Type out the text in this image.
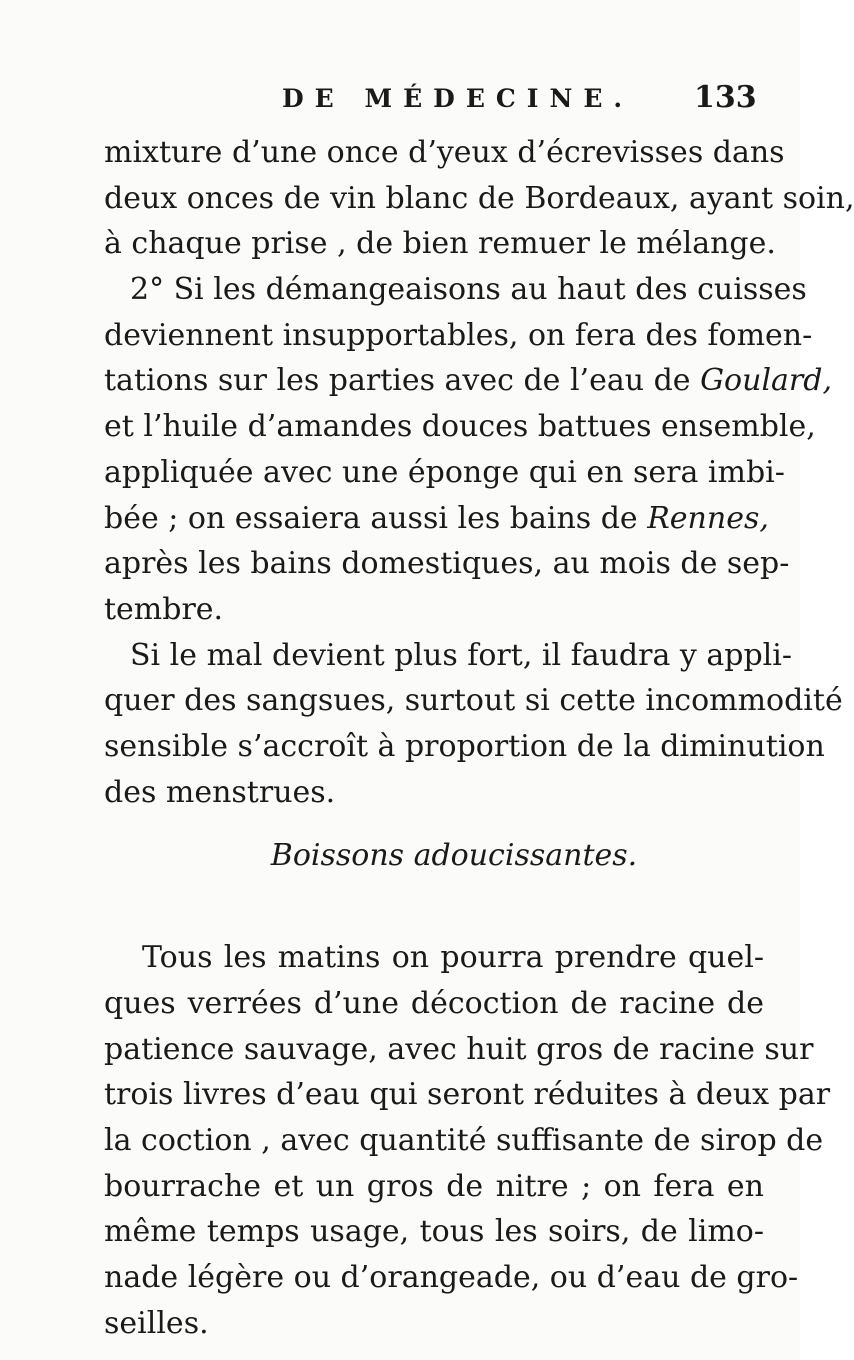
DE MÉDECINE. 133
mixture d’une once d’yeux d’écrevisses dans
deux onces de vin blanc de Bordeaux, ayant soin,
à chaque prise , de bien remuer le mélange.
2° Si les démangeaisons au haut des cuisses
deviennent insupportables, on fera des fomen-
tations sur les parties avec de l’eau de Goulard,
et l’huile d’amandes douces battues ensemble,
appliquée avec une éponge qui en sera imbi-
bée ; on essaiera aussi les bains de Rennes,
après les bains domestiques, au mois de sep-
tembre.
Si le mal devient plus fort, il faudra y appli-
quer des sangsues, surtout si cette incommodité
sensible s’accroît à proportion de la diminution
des menstrues.
Boissons adoucissantes.
Tous les matins on pourra prendre quel-
ques verrées d’une décoction de racine de
patience sauvage, avec huit gros de racine sur
trois livres d’eau qui seront réduites à deux par
la coction , avec quantité suffisante de sirop de
bourrache et un gros de nitre ; on fera en
même temps usage, tous les soirs, de limo-
nade légère ou d’orangeade, ou d’eau de gro-
seilles.
